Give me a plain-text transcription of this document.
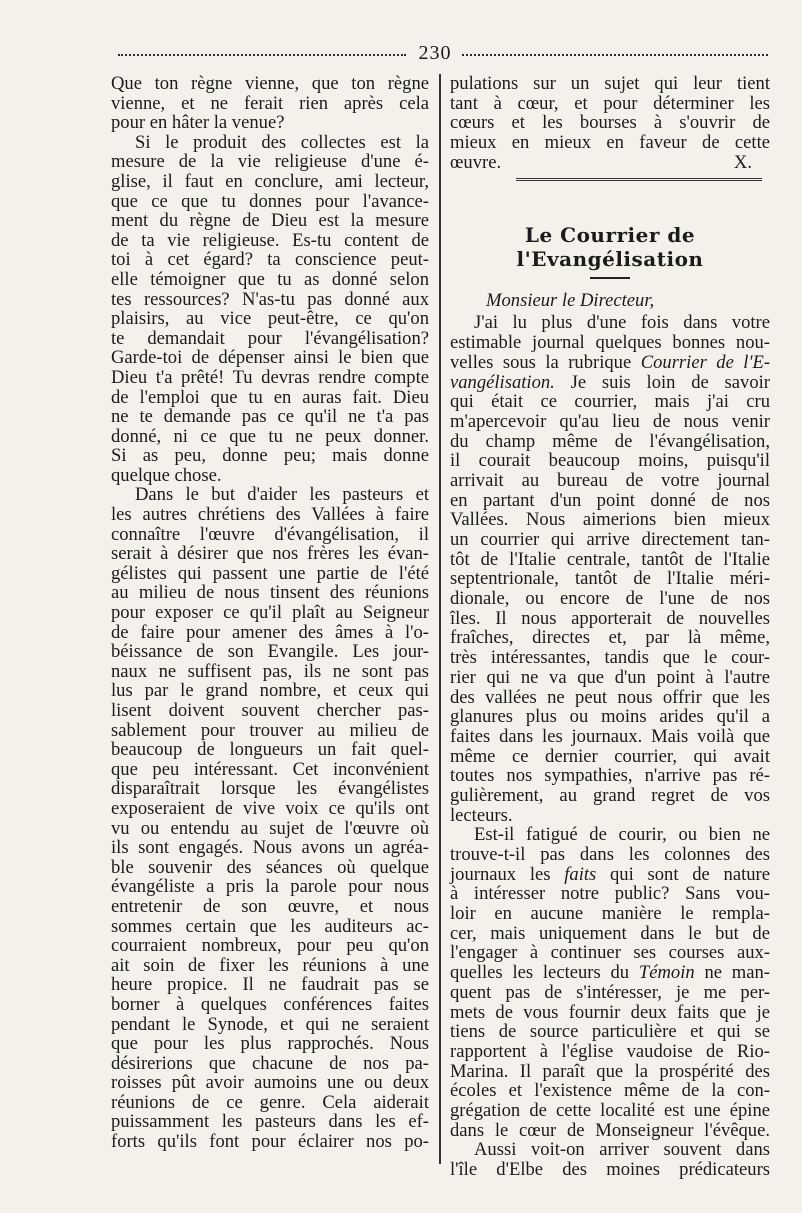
230
Que ton règne vienne, que ton règne
vienne, et ne ferait rien après cela
pour en hâter la venue?
Si le produit des collectes est la
mesure de la vie religieuse d'une é-
glise, il faut en conclure, ami lecteur,
que ce que tu donnes pour l'avance-
ment du règne de Dieu est la mesure
de ta vie religieuse. Es-tu content de
toi à cet égard? ta conscience peut-
elle témoigner que tu as donné selon
tes ressources? N'as-tu pas donné aux
plaisirs, au vice peut-être, ce qu'on
te demandait pour l'évangélisation?
Garde-toi de dépenser ainsi le bien que
Dieu t'a prêté! Tu devras rendre compte
de l'emploi que tu en auras fait. Dieu
ne te demande pas ce qu'il ne t'a pas
donné, ni ce que tu ne peux donner.
Si as peu, donne peu; mais donne
quelque chose.
Dans le but d'aider les pasteurs et
les autres chrétiens des Vallées à faire
connaître l'œuvre d'évangélisation, il
serait à désirer que nos frères les évan-
gélistes qui passent une partie de l'été
au milieu de nous tinsent des réunions
pour exposer ce qu'il plaît au Seigneur
de faire pour amener des âmes à l'o-
béissance de son Evangile. Les jour-
naux ne suffisent pas, ils ne sont pas
lus par le grand nombre, et ceux qui
lisent doivent souvent chercher pas-
sablement pour trouver au milieu de
beaucoup de longueurs un fait quel-
que peu intéressant. Cet inconvénient
disparaîtrait lorsque les évangélistes
exposeraient de vive voix ce qu'ils ont
vu ou entendu au sujet de l'œuvre où
ils sont engagés. Nous avons un agréa-
ble souvenir des séances où quelque
évangéliste a pris la parole pour nous
entretenir de son œuvre, et nous
sommes certain que les auditeurs ac-
courraient nombreux, pour peu qu'on
ait soin de fixer les réunions à une
heure propice. Il ne faudrait pas se
borner à quelques conférences faites
pendant le Synode, et qui ne seraient
que pour les plus rapprochés. Nous
désirerions que chacune de nos pa-
roisses pût avoir aumoins une ou deux
réunions de ce genre. Cela aiderait
puissamment les pasteurs dans les ef-
forts qu'ils font pour éclairer nos po-
pulations sur un sujet qui leur tient
tant à cœur, et pour déterminer les
cœurs et les bourses à s'ouvrir de
mieux en mieux en faveur de cette
œuvre.	X.
Le Courrier de l'Evangélisation
Monsieur le Directeur,
J'ai lu plus d'une fois dans votre
estimable journal quelques bonnes nou-
velles sous la rubrique Courrier de l'E-
vangélisation. Je suis loin de savoir
qui était ce courrier, mais j'ai cru
m'apercevoir qu'au lieu de nous venir
du champ même de l'évangélisation,
il courait beaucoup moins, puisqu'il
arrivait au bureau de votre journal
en partant d'un point donné de nos
Vallées. Nous aimerions bien mieux
un courrier qui arrive directement tan-
tôt de l'Italie centrale, tantôt de l'Italie
septentrionale, tantôt de l'Italie méri-
dionale, ou encore de l'une de nos
îles. Il nous apporterait de nouvelles
fraîches, directes et, par là même,
très intéressantes, tandis que le cour-
rier qui ne va que d'un point à l'autre
des vallées ne peut nous offrir que les
glanures plus ou moins arides qu'il a
faites dans les journaux. Mais voilà que
même ce dernier courrier, qui avait
toutes nos sympathies, n'arrive pas ré-
gulièrement, au grand regret de vos
lecteurs.
Est-il fatigué de courir, ou bien ne
trouve-t-il pas dans les colonnes des
journaux les faits qui sont de nature
à intéresser notre public? Sans vou-
loir en aucune manière le rempla-
cer, mais uniquement dans le but de
l'engager à continuer ses courses aux-
quelles les lecteurs du Témoin ne man-
quent pas de s'intéresser, je me per-
mets de vous fournir deux faits que je
tiens de source particulière et qui se
rapportent à l'église vaudoise de Rio-
Marina. Il paraît que la prospérité des
écoles et l'existence même de la con-
grégation de cette localité est une épine
dans le cœur de Monseigneur l'évêque.
Aussi voit-on arriver souvent dans
l'île d'Elbe des moines prédicateurs
